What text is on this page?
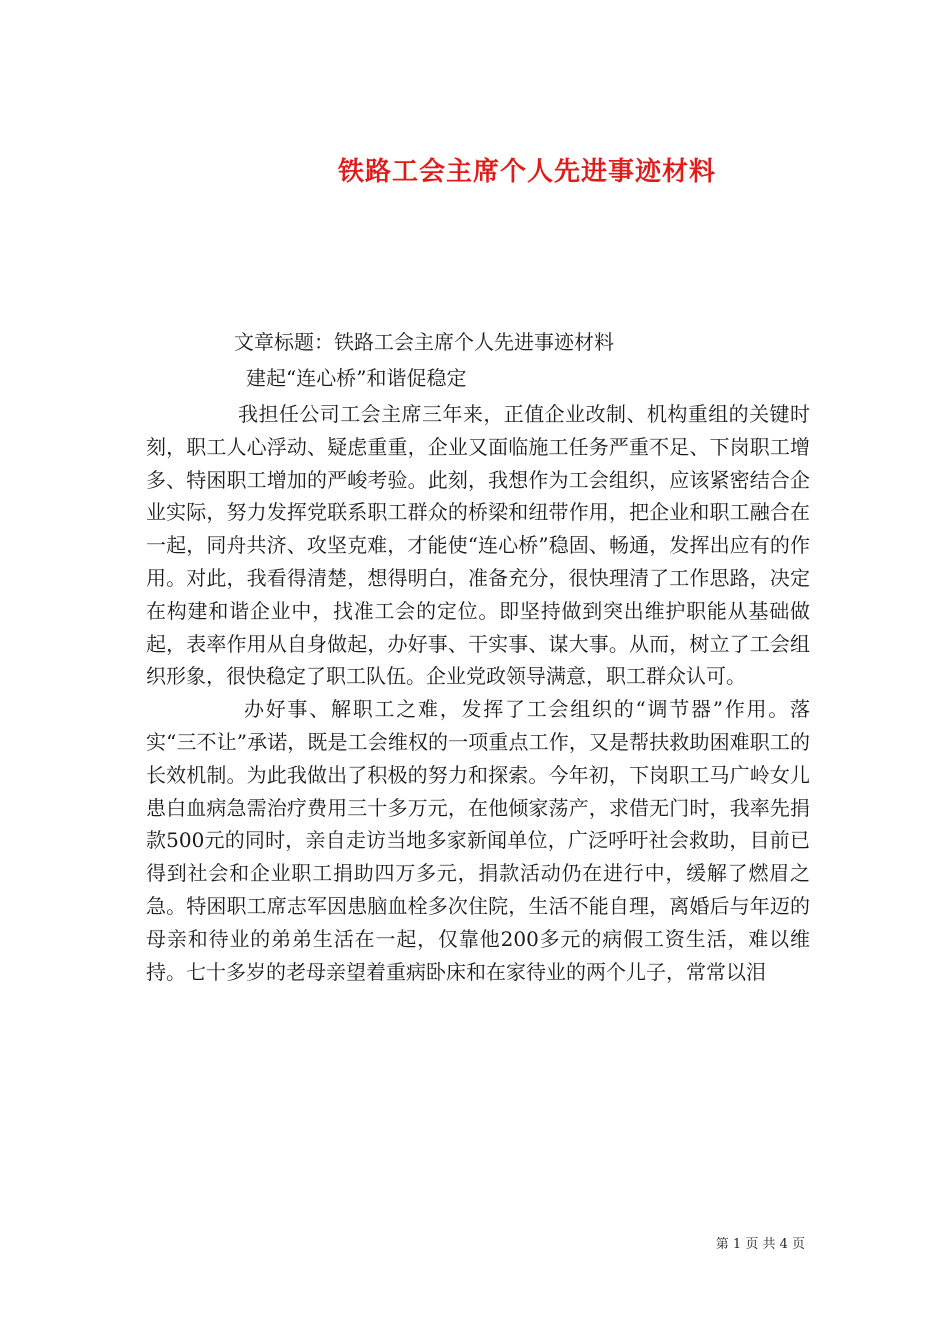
铁路工会主席个人先进事迹材料
文章标题：铁路工会主席个人先进事迹材料
建起“连心桥”和谐促稳定

我担任公司工会主席三年来，正值企业改制、机构重组的关键时刻，职工人心浮动、疑虑重重，企业又面临施工任务严重不足、下岗职工增多、特困职工增加的严峻考验。此刻，我想作为工会组织，应该紧密结合企业实际，努力发挥党联系职工群众的桥梁和纽带作用，把企业和职工融合在一起，同舟共济、攻坚克难，才能使“连心桥”稳固、畅通，发挥出应有的作用。对此，我看得清楚，想得明白，准备充分，很快理清了工作思路，决定在构建和谐企业中，找准工会的定位。即坚持做到突出维护职能从基础做起，表率作用从自身做起，办好事、干实事、谋大事。从而，树立了工会组织形象，很快稳定了职工队伍。企业党政领导满意，职工群众认可。

办好事、解职工之难，发挥了工会组织的“调节器”作用。落实“三不让”承诺，既是工会维权的一项重点工作，又是帮扶救助困难职工的长效机制。为此我做出了积极的努力和探索。今年初，下岗职工马广岭女儿患白血病急需治疗费用三十多万元，在他倾家荡产，求借无门时，我率先捐款500元的同时，亲自走访当地多家新闻单位，广泛呼吁社会救助，目前已得到社会和企业职工捐助四万多元，捐款活动仍在进行中，缓解了燃眉之急。特困职工席志军因患脑血栓多次住院，生活不能自理，离婚后与年迈的母亲和待业的弟弟生活在一起，仅靠他200多元的病假工资生活，难以维持。七十多岁的老母亲望着重病卧床和在家待业的两个儿子，常常以泪

第 1 页 共 4 页
